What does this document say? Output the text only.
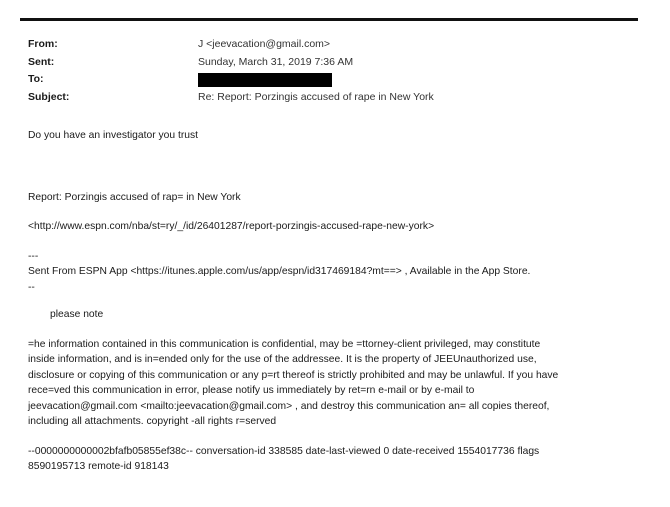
From:	J <jeevacation@gmail.com>
Sent:	Sunday, March 31, 2019 7:36 AM
To:
Subject:	Re: Report: Porzingis accused of rape in New York

Do you have an investigator you trust

Report: Porzingis accused of rap= in New York

<http://www.espn.com/nba/st=ry/_/id/26401287/report-porzingis-accused-rape-new-york>

---

Sent From ESPN App <https://itunes.apple.com/us/app/espn/id317469184?mt==> , Available in the App Store.

--

please note

=he information contained in this communication is confidential, may be =ttorney-client privileged, may constitute

inside information, and is in=ended only for the use of the addressee. It is the property of JEEUnauthorized use,

disclosure or copying of this communication or any p=rt thereof is strictly prohibited and may be unlawful. If you have

rece=ved this communication in error, please notify us immediately by ret=rn e-mail or by e-mail to

jeevacation@gmail.com <mailto:jeevacation@gmail.com> , and destroy this communication an= all copies thereof,

including all attachments. copyright -all rights r=served

--0000000000002bfafb05855ef38c-- conversation-id 338585 date-last-viewed 0 date-received 1554017736 flags

8590195713 remote-id 918143
